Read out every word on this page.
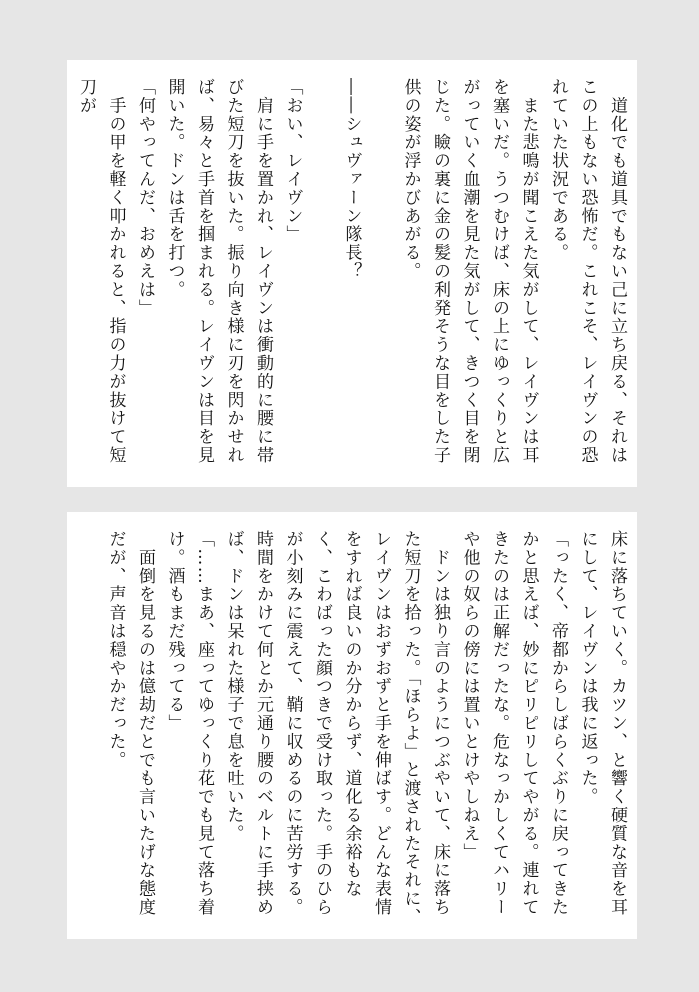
　道化でも道具でもない己に立ち戻る、それはこの上もない恐怖だ。これこそ、レイヴンの恐れていた状況である。

　また悲鳴が聞こえた気がして、レイヴンは耳を塞いだ。うつむけば、床の上にゆっくりと広がっていく血潮を見た気がして、きつく目を閉じた。瞼の裏に金の髪の利発そうな目をした子供の姿が浮かびあがる。

――シュヴァーン隊長？

「おい、レイヴン」

　肩に手を置かれ、レイヴンは衝動的に腰に帯びた短刀を抜いた。振り向き様に刃を閃かせれば、易々と手首を掴まれる。レイヴンは目を見開いた。ドンは舌を打つ。

「何やってんだ、おめえは」

　手の甲を軽く叩かれると、指の力が抜けて短刀が

床に落ちていく。カツン、と響く硬質な音を耳にして、レイヴンは我に返った。

「ったく、帝都からしばらくぶりに戻ってきたかと思えば、妙にピリピリしてやがる。連れてきたのは正解だったな。危なっかしくてハリーや他の奴らの傍には置いとけやしねえ」

　ドンは独り言のようにつぶやいて、床に落ちた短刀を拾った。「ほらよ」と渡されたそれに、レイヴンはおずおずと手を伸ばす。どんな表情をすれば良いのか分からず、道化る余裕もなく、こわばった顔つきで受け取った。手のひらが小刻みに震えて、鞘に収めるのに苦労する。時間をかけて何とか元通り腰のベルトに手挟めば、ドンは呆れた様子で息を吐いた。

「……まあ、座ってゆっくり花でも見て落ち着け。酒もまだ残ってる」

　面倒を見るのは億劫だとでも言いたげな態度だが、声音は穏やかだった。
